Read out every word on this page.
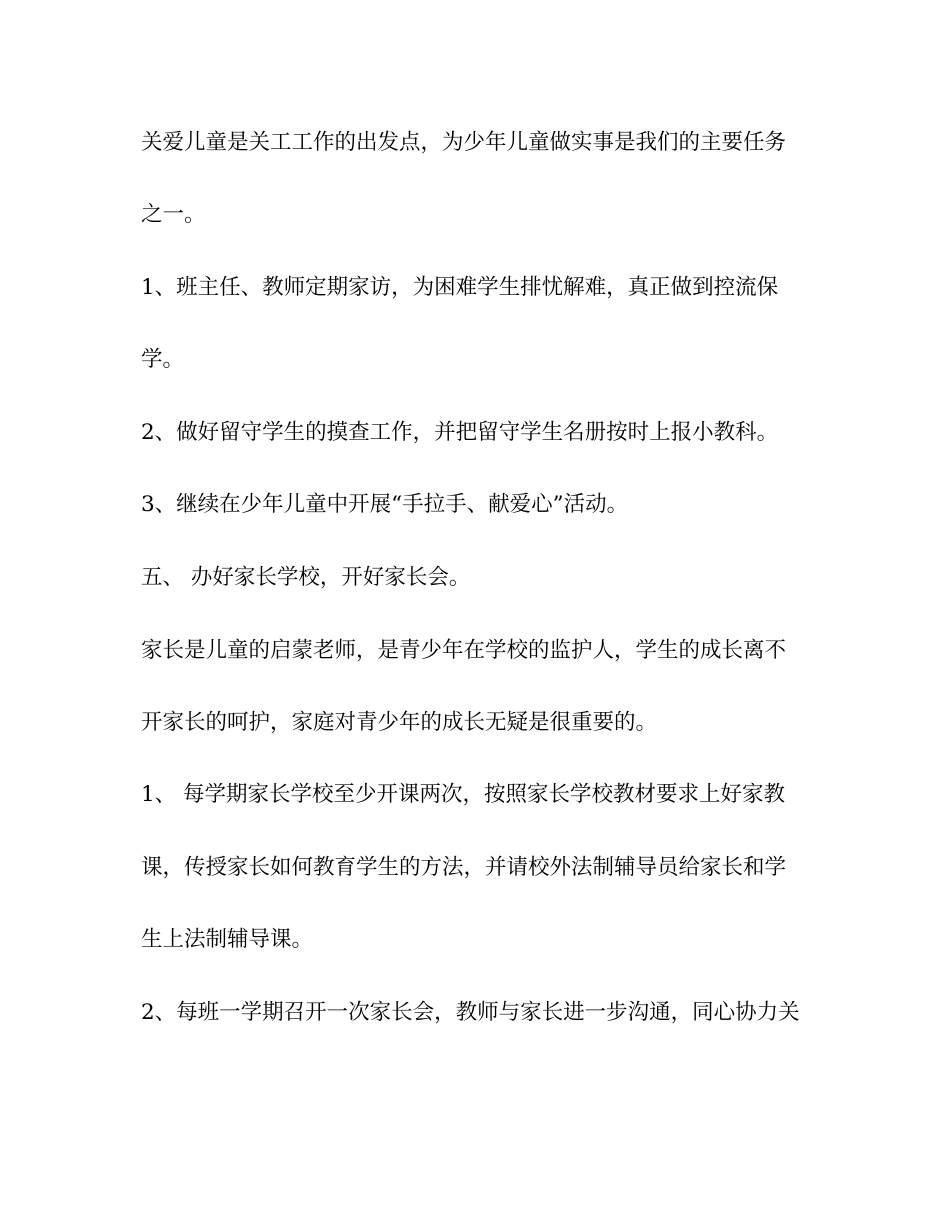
关爱儿童是关工工作的出发点，为少年儿童做实事是我们的主要任务

之一。

1、班主任、教师定期家访，为困难学生排忧解难，真正做到控流保

学。

2、做好留守学生的摸查工作，并把留守学生名册按时上报小教科。

3、继续在少年儿童中开展“手拉手、献爱心”活动。

五、 办好家长学校，开好家长会。

家长是儿童的启蒙老师，是青少年在学校的监护人，学生的成长离不

开家长的呵护，家庭对青少年的成长无疑是很重要的。

1、 每学期家长学校至少开课两次，按照家长学校教材要求上好家教

课，传授家长如何教育学生的方法，并请校外法制辅导员给家长和学

生上法制辅导课。

2、每班一学期召开一次家长会，教师与家长进一步沟通，同心协力关
